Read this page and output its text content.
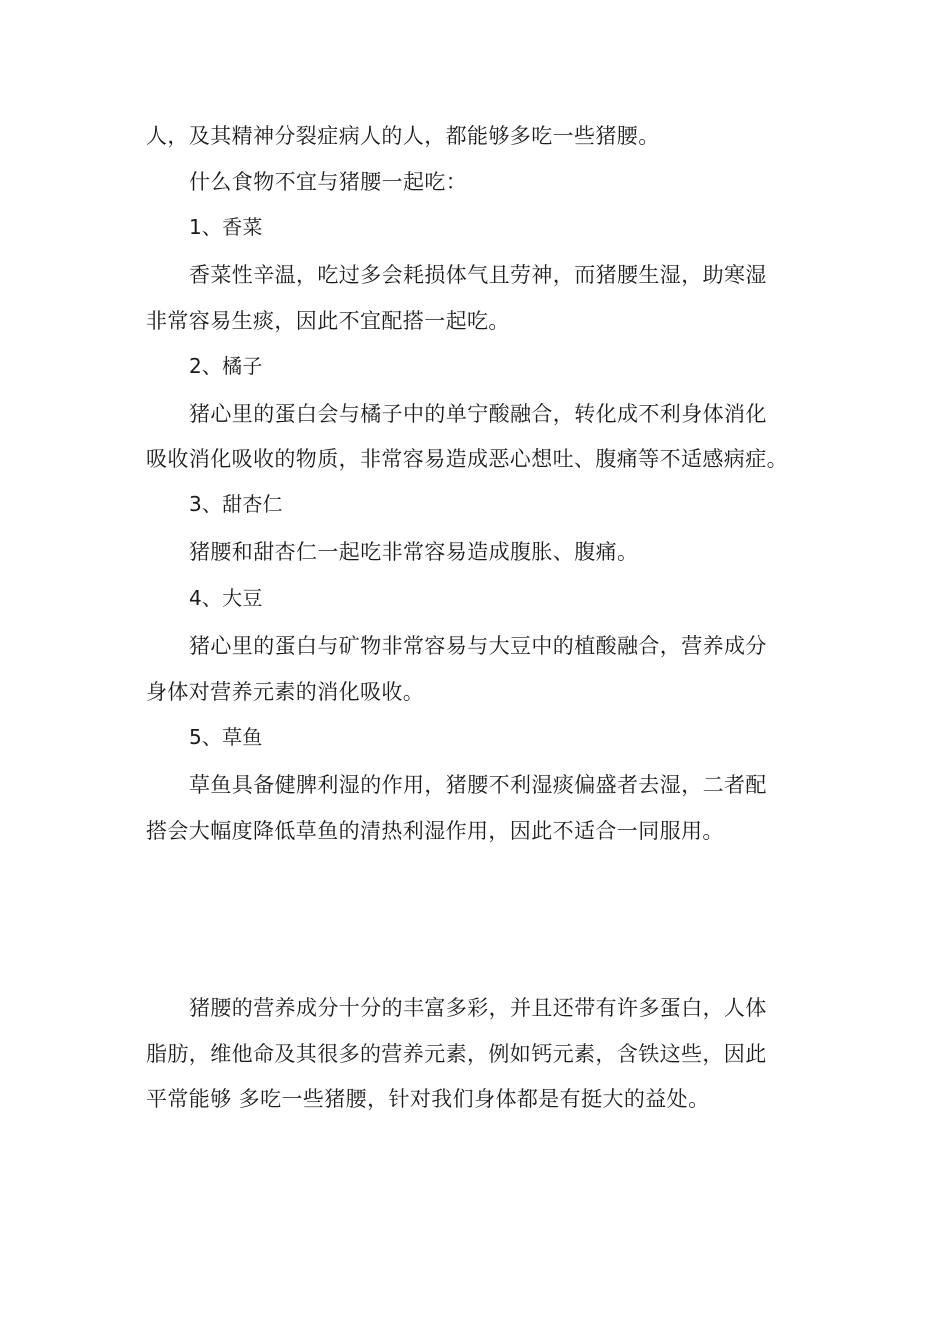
人，及其精神分裂症病人的人，都能够多吃一些猪腰。
什么食物不宜与猪腰一起吃：
1、香菜
香菜性辛温，吃过多会耗损体气且劳神，而猪腰生湿，助寒湿
非常容易生痰，因此不宜配搭一起吃。
2、橘子
猪心里的蛋白会与橘子中的单宁酸融合，转化成不利身体消化
吸收消化吸收的物质，非常容易造成恶心想吐、腹痛等不适感病症。
3、甜杏仁
猪腰和甜杏仁一起吃非常容易造成腹胀、腹痛。
4、大豆
猪心里的蛋白与矿物非常容易与大豆中的植酸融合，营养成分
身体对营养元素的消化吸收。
5、草鱼
草鱼具备健脾利湿的作用，猪腰不利湿痰偏盛者去湿，二者配
搭会大幅度降低草鱼的清热利湿作用，因此不适合一同服用。
猪腰的营养成分十分的丰富多彩，并且还带有许多蛋白，人体
脂肪，维他命及其很多的营养元素，例如钙元素，含铁这些，因此
平常能够 多吃一些猪腰，针对我们身体都是有挺大的益处。
